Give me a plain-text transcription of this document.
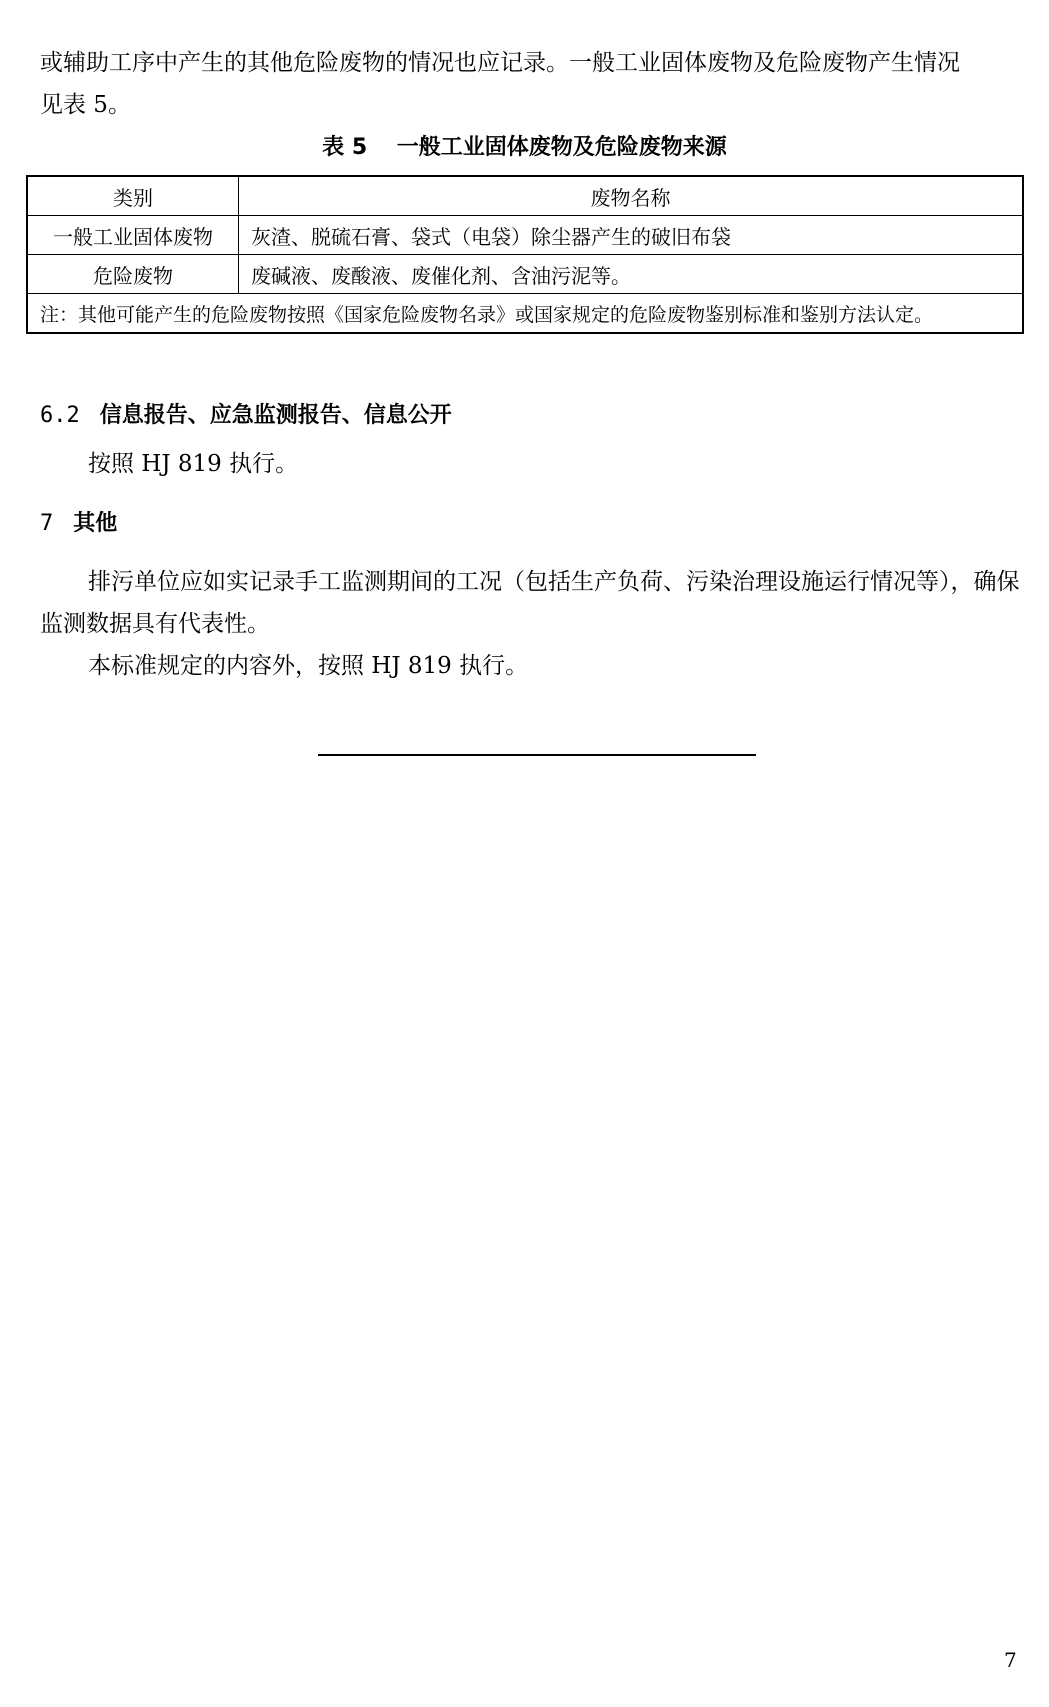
或辅助工序中产生的其他危险废物的情况也应记录。一般工业固体废物及危险废物产生情况
见表 5。

表 5　 一般工业固体废物及危险废物来源

类别	废物名称
一般工业固体废物	灰渣、脱硫石膏、袋式（电袋）除尘器产生的破旧布袋
危险废物	废碱液、废酸液、废催化剂、含油污泥等。
注：其他可能产生的危险废物按照《国家危险废物名录》或国家规定的危险废物鉴别标准和鉴别方法认定。	

6.2 信息报告、应急监测报告、信息公开

按照 HJ 819 执行。

7 其他

排污单位应如实记录手工监测期间的工况（包括生产负荷、污染治理设施运行情况等），确保监测数据具有代表性。

本标准规定的内容外，按照 HJ 819 执行。

7
